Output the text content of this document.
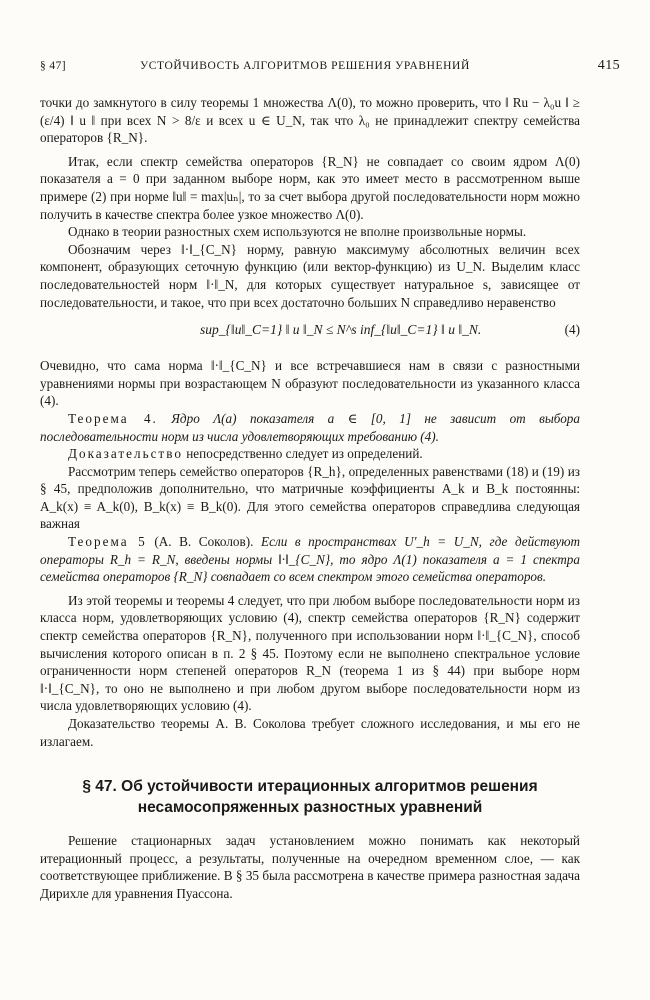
§ 47]	УСТОЙЧИВОСТЬ АЛГОРИТМОВ РЕШЕНИЯ УРАВНЕНИЙ	415

точки до замкнутого в силу теоремы 1 множества Λ(0), то можно проверить, что ‖ Ru − λ₀u ‖ ≥ (ε/4) ‖ u ‖ при всех N > 8/ε и всех u ∈ U_N, так что λ₀ не принадлежит спектру семейства операторов {R_N}.

Итак, если спектр семейства операторов {R_N} не совпадает со своим ядром Λ(0) показателя a = 0 при заданном выборе норм, как это имеет место в рассмотренном выше примере (2) при норме ‖u‖ = max|uₙ|, то за счет выбора другой последовательности норм можно получить в качестве спектра более узкое множество Λ(0).

Однако в теории разностных схем используются не вполне произвольные нормы.

Обозначим через ‖·‖_{C_N} норму, равную максимуму абсолютных величин всех компонент, образующих сеточную функцию (или вектор-функцию) из U_N. Выделим класс последовательностей норм ‖·‖_N, для которых существует натуральное s, зависящее от последовательности, и такое, что при всех достаточно больших N справедливо неравенство

sup_{‖u‖_C=1} ‖ u ‖_N ≤ N^s inf_{‖u‖_C=1} ‖ u ‖_N.	(4)

Очевидно, что сама норма ‖·‖_{C_N} и все встречавшиеся нам в связи с разностными уравнениями нормы при возрастающем N образуют последовательности из указанного класса (4).

Теорема 4. Ядро Λ(a) показателя a ∈ [0, 1] не зависит от выбора последовательности норм из числа удовлетворяющих требованию (4).

Доказательство непосредственно следует из определений.

Рассмотрим теперь семейство операторов {R_h}, определенных равенствами (18) и (19) из § 45, предположив дополнительно, что матричные коэффициенты A_k и B_k постоянны: A_k(x) ≡ A_k(0), B_k(x) ≡ B_k(0). Для этого семейства операторов справедлива следующая важная

Теорема 5 (А. В. Соколов). Если в пространствах U′_h = U_N, где действуют операторы R_h = R_N, введены нормы ‖·‖_{C_N}, то ядро Λ(1) показателя a = 1 спектра семейства операторов {R_N} совпадает со всем спектром этого семейства операторов.

Из этой теоремы и теоремы 4 следует, что при любом выборе последовательности норм из класса норм, удовлетворяющих условию (4), спектр семейства операторов {R_N} содержит спектр семейства операторов {R_N}, полученного при использовании норм ‖·‖_{C_N}, способ вычисления которого описан в п. 2 § 45. Поэтому если не выполнено спектральное условие ограниченности норм степеней операторов R_N (теорема 1 из § 44) при выборе норм ‖·‖_{C_N}, то оно не выполнено и при любом другом выборе последовательности норм из числа удовлетворяющих условию (4).

Доказательство теоремы А. В. Соколова требует сложного исследования, и мы его не излагаем.

§ 47. Об устойчивости итерационных алгоритмов решения
несамосопряженных разностных уравнений

Решение стационарных задач установлением можно понимать как некоторый итерационный процесс, а результаты, полученные на очередном временном слое, — как соответствующее приближение. В § 35 была рассмотрена в качестве примера разностная задача Дирихле для уравнения Пуассона.
